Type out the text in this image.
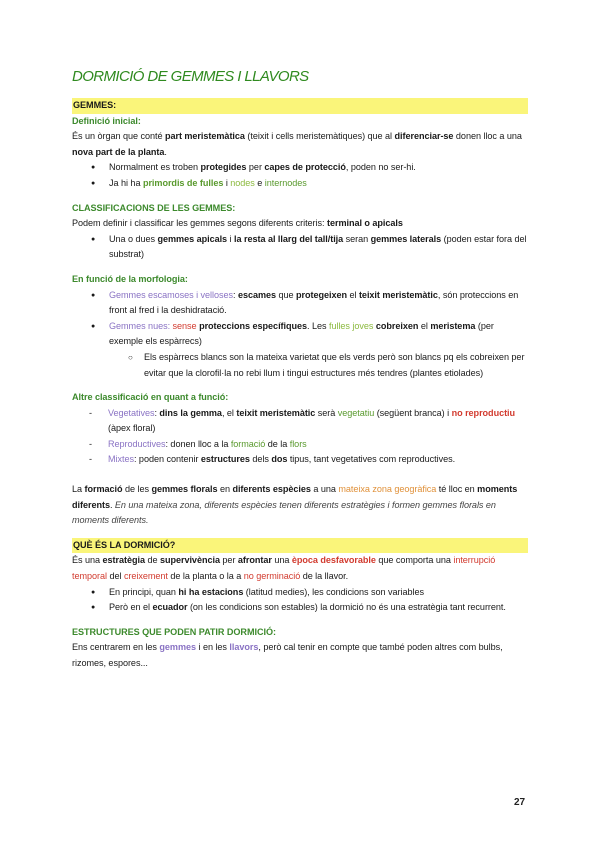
DORMICIÓ DE GEMMES I LLAVORS
GEMMES:
Definició inicial:

És un òrgan que conté part meristemàtica (teixit i cells meristemàtiques) que al diferenciar-se donen lloc a una nova part de la planta.

● Normalment es troben protegides per capes de protecció, poden no ser-hi.
● Ja hi ha primordis de fulles i nodes e internodes
CLASSIFICACIONS DE LES GEMMES:

Podem definir i classificar les gemmes segons diferents criteris: terminal o apicals

● Una o dues gemmes apicals i la resta al llarg del tall/tija seran gemmes laterals (poden estar fora del substrat)
En funció de la morfologia:
● Gemmes escamoses i velloses: escames que protegeixen el teixit meristemàtic, són proteccions en front al fred i la deshidratació.
● Gemmes nues: sense proteccions específiques. Les fulles joves cobreixen el meristema (per exemple els espàrrecs)
○ Els espàrrecs blancs son la mateixa varietat que els verds però son blancs pq els cobreixen per evitar que la clorofil·la no rebi llum i tingui estructures més tendres (plantes etiolades)
Altre classificació en quant a funció:
- Vegetatives: dins la gemma, el teixit meristemàtic serà vegetatiu (següent branca) i no reproductiu (àpex floral)
- Reproductives: donen lloc a la formació de la flors
- Mixtes: poden contenir estructures dels dos tipus, tant vegetatives com reproductives.

La formació de les gemmes florals en diferents espècies a una mateixa zona geogràfica té lloc en moments diferents. En una mateixa zona, diferents espècies tenen diferents estratègies i formen gemmes florals en moments diferents.

QUÈ ÉS LA DORMICIÓ?

És una estratègia de supervivència per afrontar una època desfavorable que comporta una interrupció temporal del creixement de la planta o la a no germinació de la llavor.

● En principi, quan hi ha estacions (latitud medies), les condicions son variables
● Però en el ecuador (on les condicions son estables) la dormició no és una estratègia tant recurrent.
ESTRUCTURES QUE PODEN PATIR DORMICIÓ:

Ens centrarem en les gemmes i en les llavors, però cal tenir en compte que també poden altres com bulbs, rizomes, espores...

27
